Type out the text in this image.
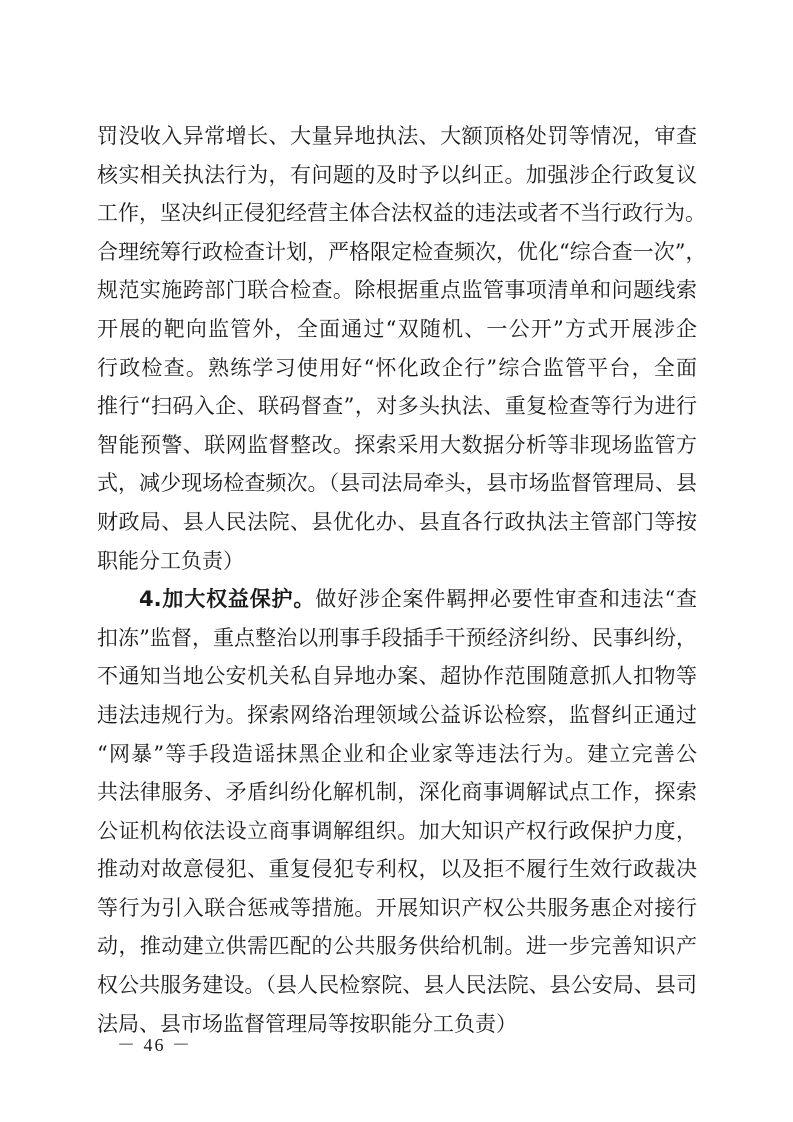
罚没收入异常增长、大量异地执法、大额顶格处罚等情况，审查
核实相关执法行为，有问题的及时予以纠正。加强涉企行政复议
工作，坚决纠正侵犯经营主体合法权益的违法或者不当行政行为。
合理统筹行政检查计划，严格限定检查频次，优化“综合查一次”，
规范实施跨部门联合检查。除根据重点监管事项清单和问题线索
开展的靶向监管外，全面通过“双随机、一公开”方式开展涉企
行政检查。熟练学习使用好“怀化政企行”综合监管平台，全面
推行“扫码入企、联码督查”，对多头执法、重复检查等行为进行
智能预警、联网监督整改。探索采用大数据分析等非现场监管方
式，减少现场检查频次。（县司法局牵头，县市场监督管理局、县
财政局、县人民法院、县优化办、县直各行政执法主管部门等按
职能分工负责）
4.加大权益保护。做好涉企案件羁押必要性审查和违法“查
扣冻”监督，重点整治以刑事手段插手干预经济纠纷、民事纠纷，
不通知当地公安机关私自异地办案、超协作范围随意抓人扣物等
违法违规行为。探索网络治理领域公益诉讼检察，监督纠正通过
“网暴”等手段造谣抹黑企业和企业家等违法行为。建立完善公
共法律服务、矛盾纠纷化解机制，深化商事调解试点工作，探索
公证机构依法设立商事调解组织。加大知识产权行政保护力度，
推动对故意侵犯、重复侵犯专利权，以及拒不履行生效行政裁决
等行为引入联合惩戒等措施。开展知识产权公共服务惠企对接行
动，推动建立供需匹配的公共服务供给机制。进一步完善知识产
权公共服务建设。（县人民检察院、县人民法院、县公安局、县司
法局、县市场监督管理局等按职能分工负责）
－ 46 －
